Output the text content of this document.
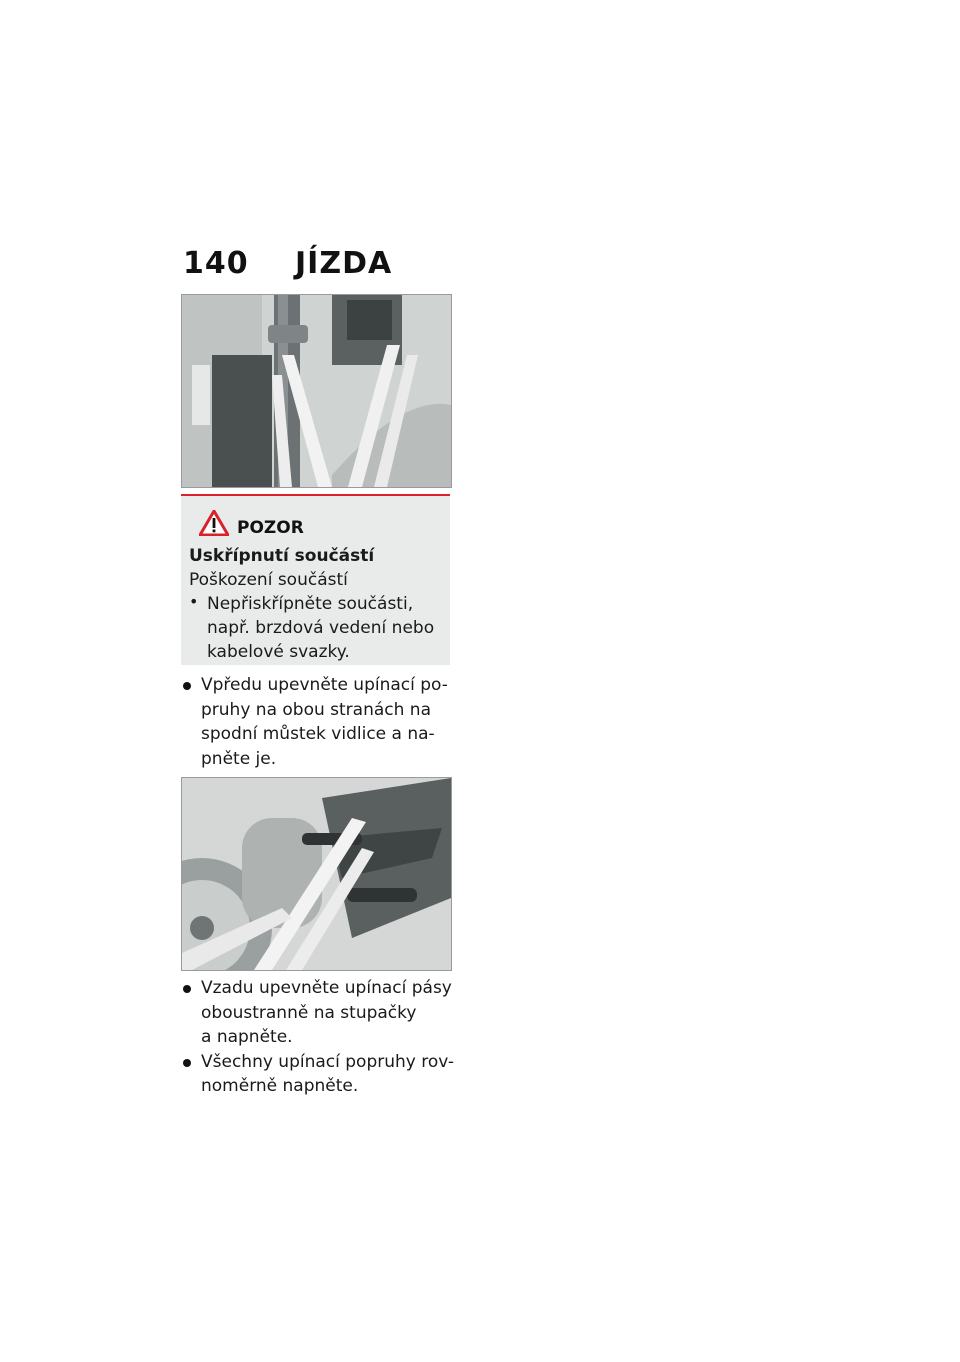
140 JÍZDA
POZOR

Uskřípnutí součástí

Poškození součástí

• Nepřiskřípněte součásti,

např. brzdová vedení nebo

kabelové svazky.

Vpředu upevněte upínací po-

pruhy na obou stranách na

spodní můstek vidlice a na-

pněte je.

Vzadu upevněte upínací pásy

oboustranně na stupačky

a napněte.

Všechny upínací popruhy rov-

noměrně napněte.
